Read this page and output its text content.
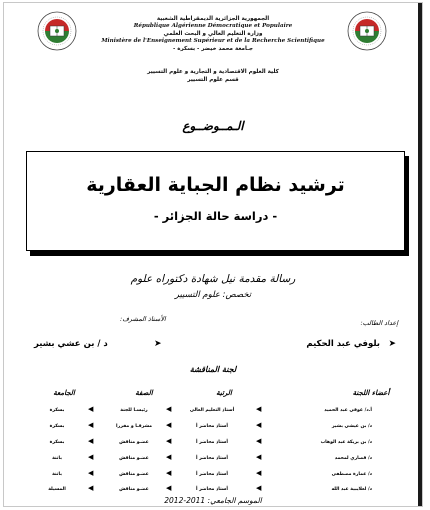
الجمهورية الجزائرية الديمقراطية الشعبية

République Algérienne Démocratique et Populaire

وزارة التعليم العالي و البحث العلمي

Ministère de l'Enseignement Supérieur et de la Recherche Scientifique

جـامعة محمد خيضر - بسكرة -

كلية العلوم الاقتصادية و التجارية و علوم التسيير

قسم علوم التسيير

الـمــوضــوع

ترشيد نظام الجباية العقارية

- دراسة حالة الجزائر -

رسالة مقدمة نيل شهادة دكتوراه علوم

تخصص: علوم التسيير

إعداد الطالب:

الأستاذ المشرف:

➤

بلوفي عبد الحكيم

➤

د / بن عشي بشير

لجنة المناقشة

أعضاء اللجنة

الرتبة

الصفة

الجامعة

أ.د/ غوفي عبد الحميد

◀

أستاذ التعليم العالي

◀

رئيسـا للجنة

◀

بسكرة

د/ بن عيشي بشير

◀

أستاذ محاضر أ

◀

مشرفـا و مقررا

◀

بسكرة

د/ بن بريكة عبد الوهاب

◀

أستاذ محاضر أ

◀

عضـو مناقش

◀

بسكرة

د/ قصاري لمحمد

◀

أستاذ محاضر أ

◀

عضـو مناقش

◀

باتنة

د/ عمارة مصطفى

◀

أستاذ محاضر أ

◀

عضـو مناقش

◀

باتنة

د/ لعلايبية عبد الله

◀

أستاذ محاضر أ

◀

عضـو مناقش

◀

المسيلة

الموسم الجامعي: 2011-2012
